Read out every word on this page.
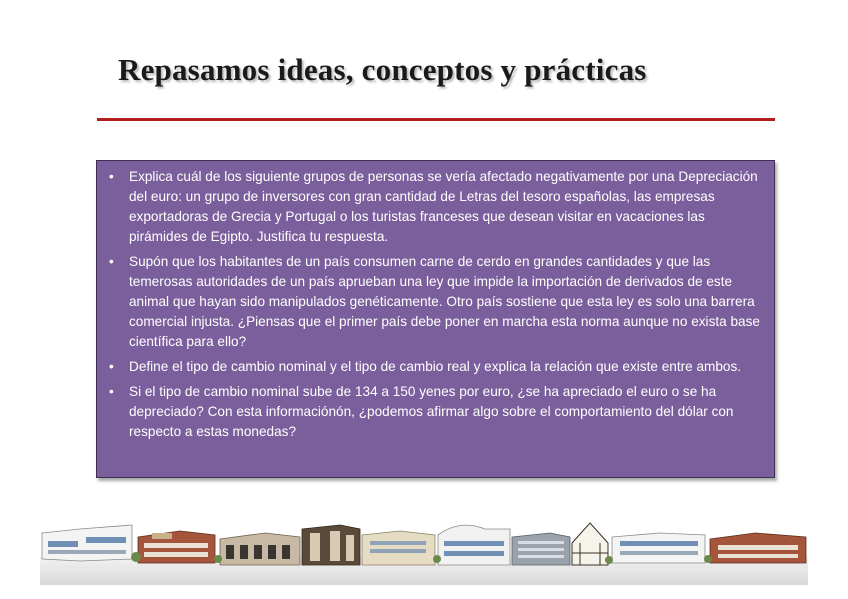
Repasamos ideas, conceptos y prácticas
• Explica cuál de los siguiente grupos de personas se vería afectado negativamente por una Depreciación del euro: un grupo de inversores con gran cantidad de Letras del tesoro españolas, las empresas exportadoras de Grecia y Portugal o los turistas franceses que desean visitar en vacaciones las pirámides de Egipto. Justifica tu respuesta.
• Supón que los habitantes de un país consumen carne de cerdo en grandes cantidades y que las temerosas autoridades de un país aprueban una ley que impide la importación de derivados de este animal que hayan sido manipulados genéticamente. Otro país sostiene que esta ley es solo una barrera comercial injusta. ¿Piensas que el primer país debe poner en marcha esta norma aunque no exista base científica para ello?
• Define el tipo de cambio nominal y el tipo de cambio real y explica la relación que existe entre ambos.
• Si el tipo de cambio nominal sube de 134 a 150 yenes por euro, ¿se ha apreciado el euro o se ha depreciado? Con esta informaciónón, ¿podemos afirmar algo sobre el comportamiento del dólar con respecto a estas monedas?
